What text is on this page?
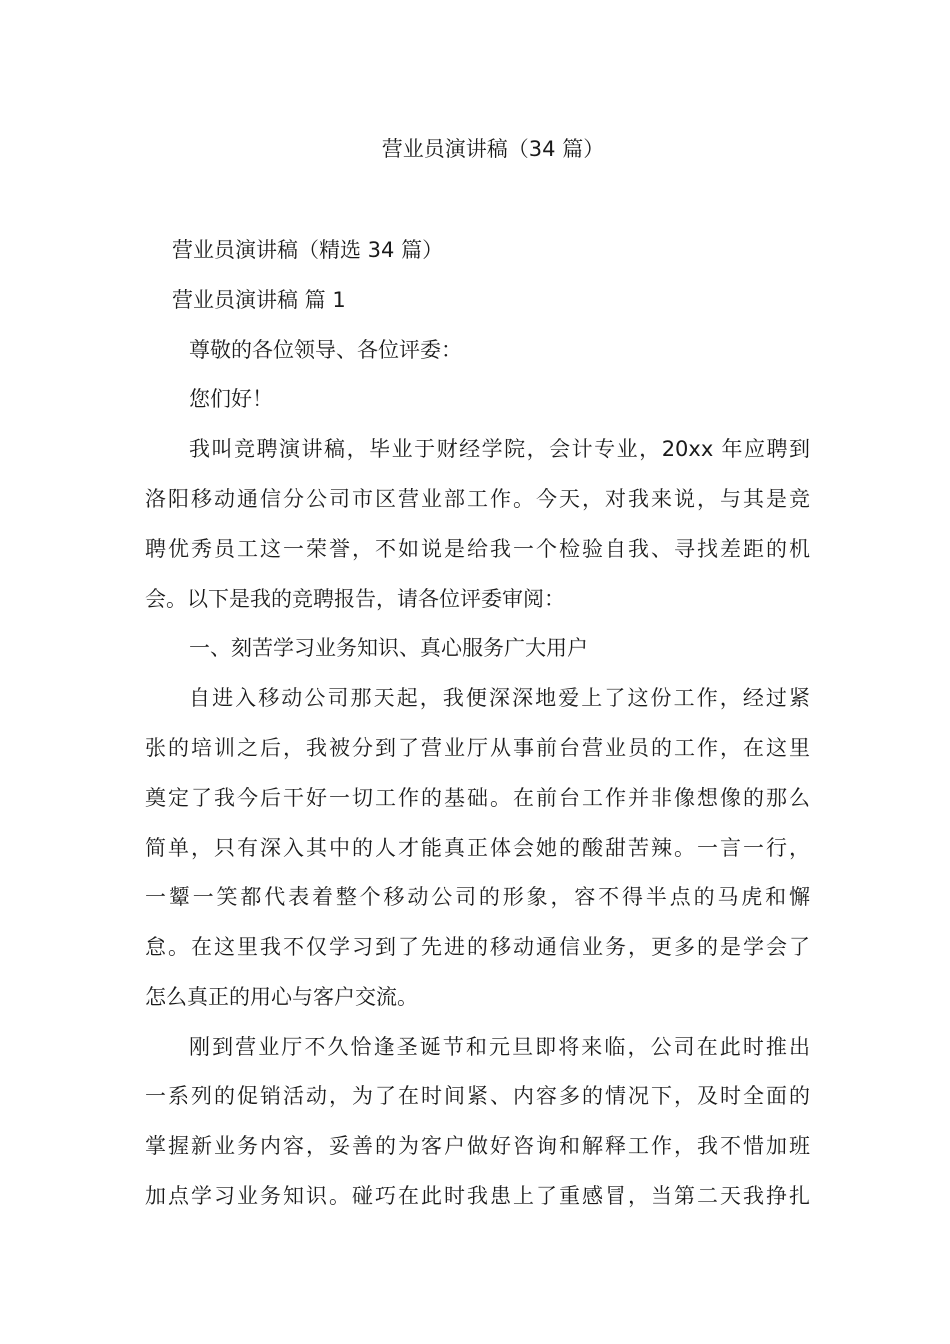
营业员演讲稿（34 篇）
营业员演讲稿（精选 34 篇）
营业员演讲稿 篇 1
尊敬的各位领导、各位评委：
您们好！
我叫竞聘演讲稿，毕业于财经学院，会计专业，20xx 年应聘到
洛阳移动通信分公司市区营业部工作。今天，对我来说，与其是竞
聘优秀员工这一荣誉，不如说是给我一个检验自我、寻找差距的机
会。以下是我的竞聘报告，请各位评委审阅：
一、刻苦学习业务知识、真心服务广大用户
自进入移动公司那天起，我便深深地爱上了这份工作，经过紧
张的培训之后，我被分到了营业厅从事前台营业员的工作，在这里
奠定了我今后干好一切工作的基础。在前台工作并非像想像的那么
简单，只有深入其中的人才能真正体会她的酸甜苦辣。一言一行，
一颦一笑都代表着整个移动公司的形象，容不得半点的马虎和懈
怠。在这里我不仅学习到了先进的移动通信业务，更多的是学会了
怎么真正的用心与客户交流。
刚到营业厅不久恰逢圣诞节和元旦即将来临，公司在此时推出
一系列的促销活动，为了在时间紧、内容多的情况下，及时全面的
掌握新业务内容，妥善的为客户做好咨询和解释工作，我不惜加班
加点学习业务知识。碰巧在此时我患上了重感冒，当第二天我挣扎
